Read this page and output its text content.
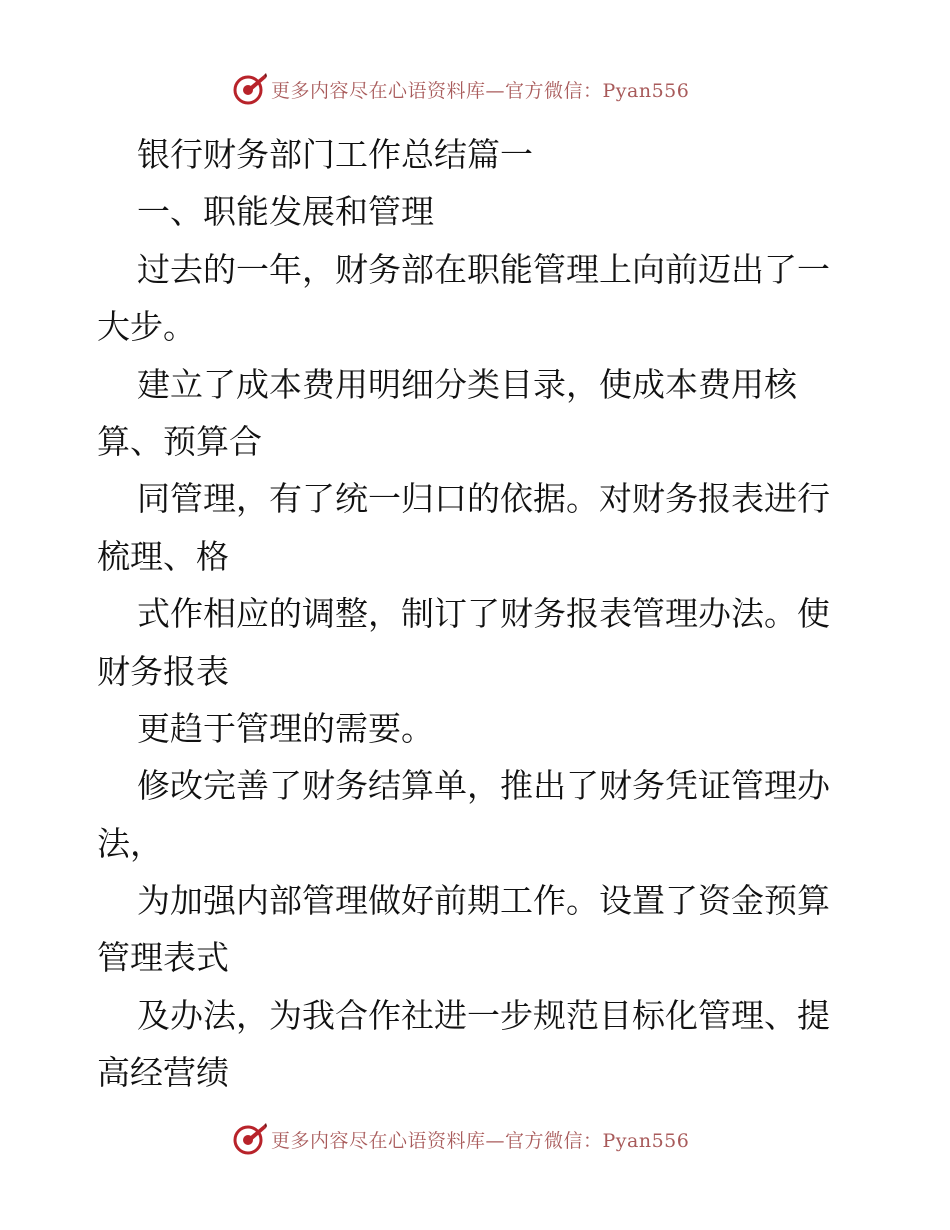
更多内容尽在心语资料库—官方微信：Pyan556
银行财务部门工作总结篇一
一、职能发展和管理
过去的一年，财务部在职能管理上向前迈出了一
大步。
建立了成本费用明细分类目录，使成本费用核
算、预算合
同管理，有了统一归口的依据。对财务报表进行
梳理、格
式作相应的调整，制订了财务报表管理办法。使
财务报表
更趋于管理的需要。
修改完善了财务结算单，推出了财务凭证管理办
法，
为加强内部管理做好前期工作。设置了资金预算
管理表式
及办法，为我合作社进一步规范目标化管理、提
高经营绩
更多内容尽在心语资料库—官方微信：Pyan556
